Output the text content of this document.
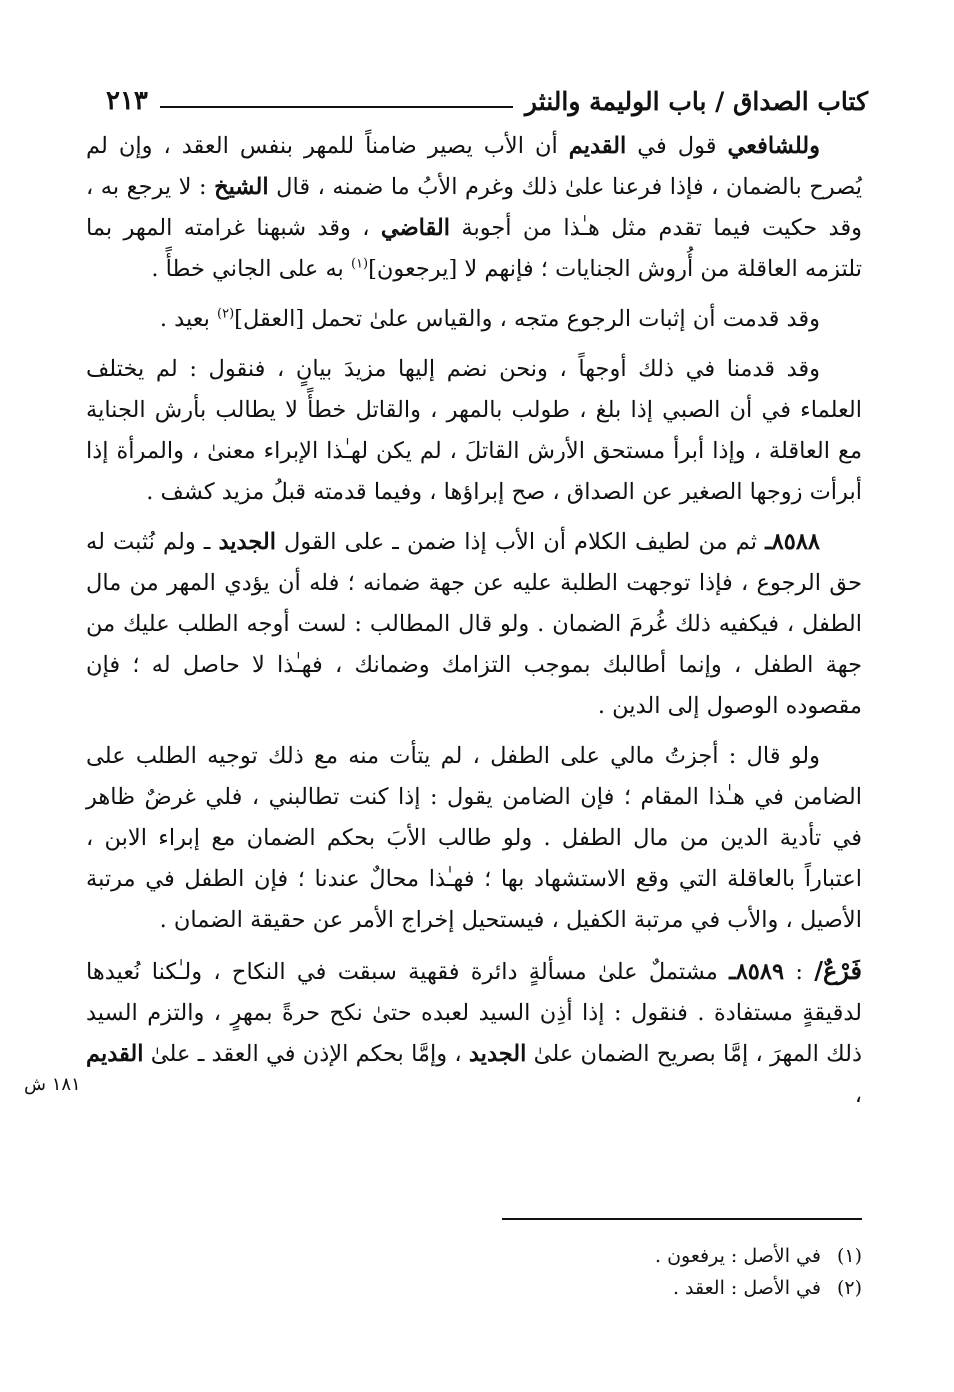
كتاب الصداق / باب الوليمة والنثر
٢١٣
١٨١ ش

وللشافعي قول في القديم أن الأب يصير ضامناً للمهر بنفس العقد ، وإن لم يُصرح بالضمان ، فإذا فرعنا علىٰ ذلك وغرم الأبُ ما ضمنه ، قال الشيخ : لا يرجع به ، وقد حكيت فيما تقدم مثل هـٰذا من أجوبة القاضي ، وقد شبهنا غرامته المهر بما تلتزمه العاقلة من أُروش الجنايات ؛ فإنهم لا [يرجعون]$^{(١)}$ به على الجاني خطأً .

وقد قدمت أن إثبات الرجوع متجه ، والقياس علىٰ تحمل [العقل]$^{(٢)}$ بعيد .

وقد قدمنا في ذلك أوجهاً ، ونحن نضم إليها مزيدَ بيانٍ ، فنقول : لم يختلف العلماء في أن الصبي إذا بلغ ، طولب بالمهر ، والقاتل خطأً لا يطالب بأرش الجناية مع العاقلة ، وإذا أبرأ مستحق الأرش القاتلَ ، لم يكن لهـٰذا الإبراء معنىٰ ، والمرأة إذا أبرأت زوجها الصغير عن الصداق ، صح إبراؤها ، وفيما قدمته قبلُ مزيد كشف .

٨٥٨٨ـ ثم من لطيف الكلام أن الأب إذا ضمن ـ على القول الجديد ـ ولم نُثبت له حق الرجوع ، فإذا توجهت الطلبة عليه عن جهة ضمانه ؛ فله أن يؤدي المهر من مال الطفل ، فيكفيه ذلك غُرمَ الضمان . ولو قال المطالب : لست أوجه الطلب عليك من جهة الطفل ، وإنما أطالبك بموجب التزامك وضمانك ، فهـٰذا لا حاصل له ؛ فإن مقصوده الوصول إلى الدين .

ولو قال : أجزتُ مالي على الطفل ، لم يتأت منه مع ذلك توجيه الطلب على الضامن في هـٰذا المقام ؛ فإن الضامن يقول : إذا كنت تطالبني ، فلي غرضٌ ظاهر في تأدية الدين من مال الطفل . ولو طالب الأبَ بحكم الضمان مع إبراء الابن ، اعتباراً بالعاقلة التي وقع الاستشهاد بها ؛ فهـٰذا محالٌ عندنا ؛ فإن الطفل في مرتبة الأصيل ، والأب في مرتبة الكفيل ، فيستحيل إخراج الأمر عن حقيقة الضمان .

فَرْعٌ/ : ٨٥٨٩ـ مشتملٌ علىٰ مسألةٍ دائرة فقهية سبقت في النكاح ، ولـٰكنا نُعيدها لدقيقةٍ مستفادة . فنقول : إذا أذِن السيد لعبده حتىٰ نكح حرةً بمهرٍ ، والتزم السيد ذلك المهرَ ، إمَّا بصريح الضمان علىٰ الجديد ، وإمَّا بحكم الإذن في العقد ـ علىٰ القديم ،

(١)
في الأصل : يرفعون .
(٢)
في الأصل : العقد .
